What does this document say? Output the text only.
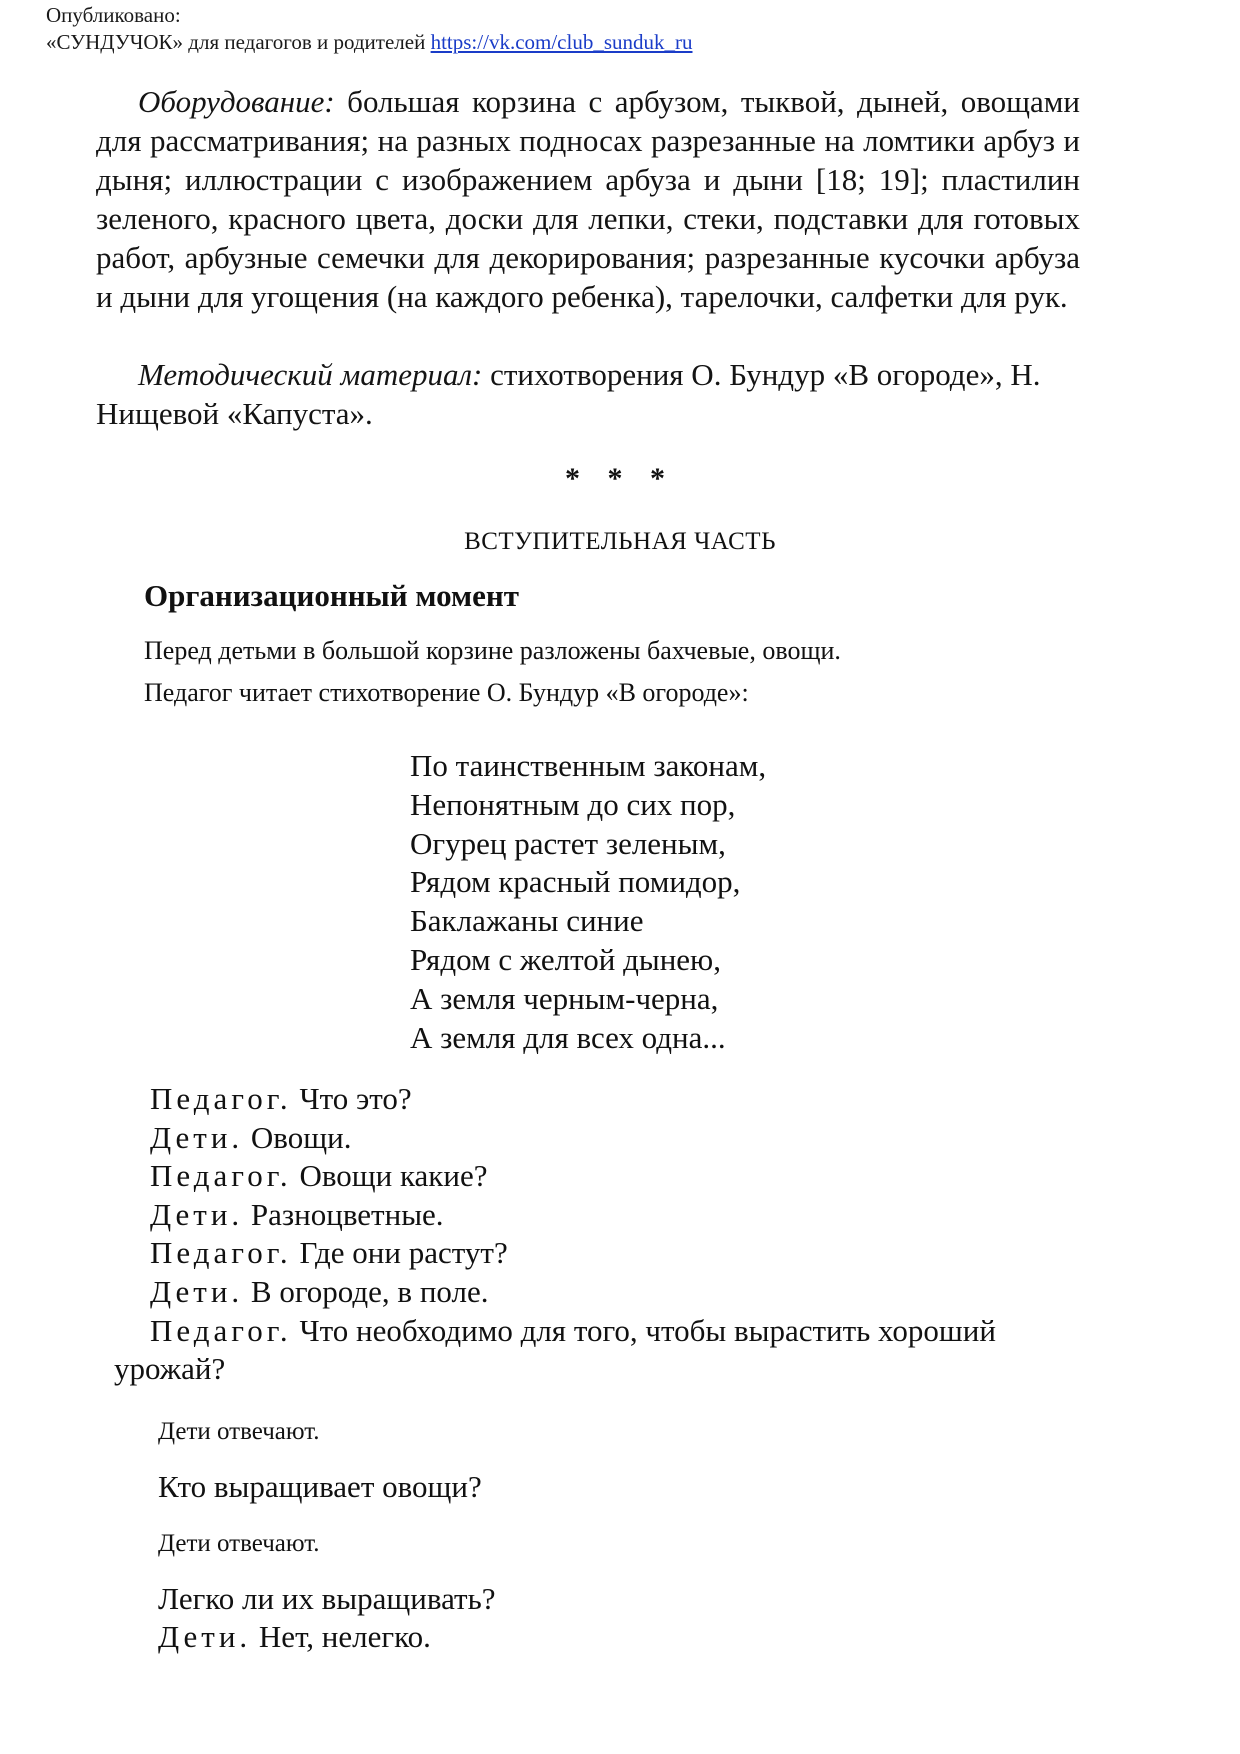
Опубликовано:
«СУНДУЧОК» для педагогов и родителей https://vk.com/club_sunduk_ru
Оборудование: большая корзина с арбузом, тыквой, дыней, овощами для рассматривания; на разных подносах разрезанные на ломтики арбуз и дыня; иллюстрации с изображением арбуза и дыни [18; 19]; пластилин зеленого, красного цвета, доски для лепки, стеки, подставки для готовых работ, арбузные семечки для декорирования; разрезанные кусочки арбуза и дыни для угощения (на каждого ребенка), тарелочки, салфетки для рук.
Методический материал: стихотворения О. Бундур «В огороде», Н. Нищевой «Капуста».
* * *
ВСТУПИТЕЛЬНАЯ ЧАСТЬ
Организационный момент
Перед детьми в большой корзине разложены бахчевые, овощи.
Педагог читает стихотворение О. Бундур «В огороде»:
По таинственным законам,
Непонятным до сих пор,
Огурец растет зеленым,
Рядом красный помидор,
Баклажаны синие
Рядом с желтой дынею,
А земля черным-черна,
А земля для всех одна...
Педагог. Что это?
Дети. Овощи.
Педагог. Овощи какие?
Дети. Разноцветные.
Педагог. Где они растут?
Дети. В огороде, в поле.
Педагог. Что необходимо для того, чтобы вырастить хороший
урожай?
Дети отвечают.
Кто выращивает овощи?
Дети отвечают.
Легко ли их выращивать?
Дети. Нет, нелегко.
